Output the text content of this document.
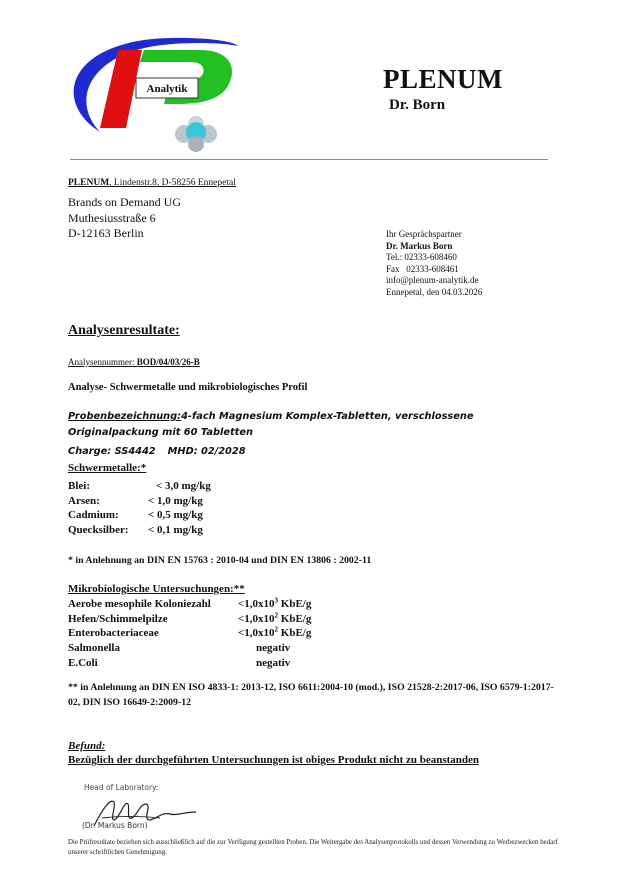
Analytik	PLENUM
Dr. Born
PLENUM, Lindenstr.8, D-58256 Ennepetal
Brands on Demand UG
Muthesiusstraße 6
D-12163 Berlin	Ihr Gesprächspartner
Dr. Markus Born
Tel.: 02333-608460
Fax   02333-608461
info@plenum-analytik.de
Ennepetal, den 04.03.2026
Analysenresultate:
Analysennummer: BOD/04/03/26-B
Analyse- Schwermetalle und mikrobiologisches Profil
Probenbezeichnung:4-fach Magnesium Komplex-Tabletten, verschlossene Originalpackung mit 60 Tabletten
Charge: SS4442 MHD: 02/2028
Schwermetalle:*
Blei:	< 3,0 mg/kg
Arsen:	< 1,0 mg/kg
Cadmium:	< 0,5 mg/kg
Quecksilber:	< 0,1 mg/kg
* in Anlehnung an DIN EN 15763 : 2010-04 und DIN EN 13806 : 2002-11
Mikrobiologische Untersuchungen:**
Aerobe mesophile Koloniezahl	$<1,0x10^3$ KbE/g
Hefen/Schimmelpilze	$<1,0x10^2$ KbE/g
Enterobacteriaceae	$<1,0x10^2$ KbE/g
Salmonella	negativ
E.Coli	negativ
** in Anlehnung an DIN EN ISO 4833-1: 2013-12, ISO 6611:2004-10 (mod.), ISO 21528-2:2017-06, ISO 6579-1:2017-02, DIN ISO 16649-2:2009-12
Befund:
Bezüglich der durchgeführten Untersuchungen ist obiges Produkt nicht zu beanstanden
Head of Laboratory:
(Dr. Markus Born)
Die Prüfresultate beziehen sich ausschließlich auf die zur Verfügung gestellten Proben. Die Weitergabe des Analysenprotokolls und dessen Verwendung zu Werbezwecken bedarf unserer schriftlichen Genehmigung.
